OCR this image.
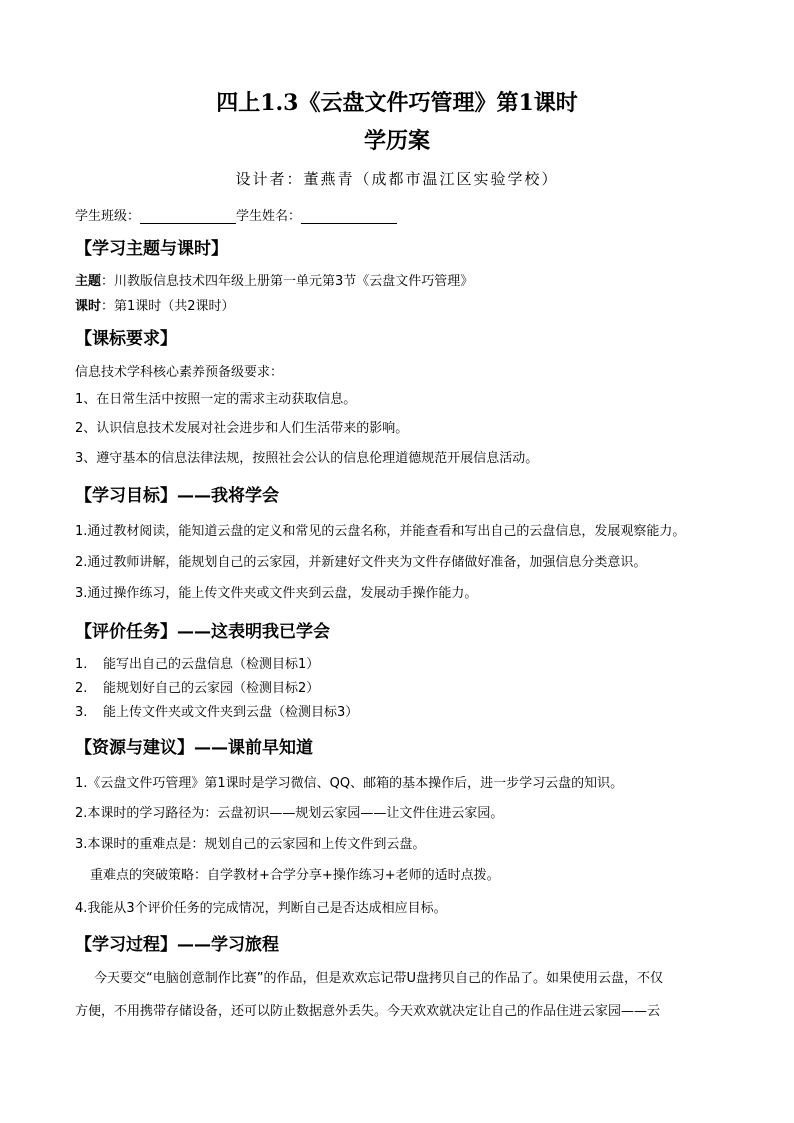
四上1.3《云盘文件巧管理》第1课时
学历案
设计者：董燕青（成都市温江区实验学校）
学生班级：	学生姓名：
【学习主题与课时】
主题：川教版信息技术四年级上册第一单元第3节《云盘文件巧管理》
课时：第1课时（共2课时）
【课标要求】
信息技术学科核心素养预备级要求：
1、在日常生活中按照一定的需求主动获取信息。
2、认识信息技术发展对社会进步和人们生活带来的影响。
3、遵守基本的信息法律法规，按照社会公认的信息伦理道德规范开展信息活动。
【学习目标】——我将学会
1.通过教材阅读，能知道云盘的定义和常见的云盘名称，并能查看和写出自己的云盘信息，发展观察能力。
2.通过教师讲解，能规划自己的云家园，并新建好文件夹为文件存储做好准备，加强信息分类意识。
3.通过操作练习，能上传文件夹或文件夹到云盘，发展动手操作能力。
【评价任务】——这表明我已学会
1. 能写出自己的云盘信息（检测目标1）
2. 能规划好自己的云家园（检测目标2）
3. 能上传文件夹或文件夹到云盘（检测目标3）
【资源与建议】——课前早知道
1.《云盘文件巧管理》第1课时是学习微信、QQ、邮箱的基本操作后，进一步学习云盘的知识。
2.本课时的学习路径为：云盘初识——规划云家园——让文件住进云家园。
3.本课时的重难点是：规划自己的云家园和上传文件到云盘。
重难点的突破策略：自学教材+合学分享+操作练习+老师的适时点拨。
4.我能从3个评价任务的完成情况，判断自己是否达成相应目标。
【学习过程】——学习旅程
今天要交“电脑创意制作比赛”的作品，但是欢欢忘记带U盘拷贝自己的作品了。如果使用云盘，不仅
方便，不用携带存储设备，还可以防止数据意外丢失。今天欢欢就决定让自己的作品住进云家园——云
